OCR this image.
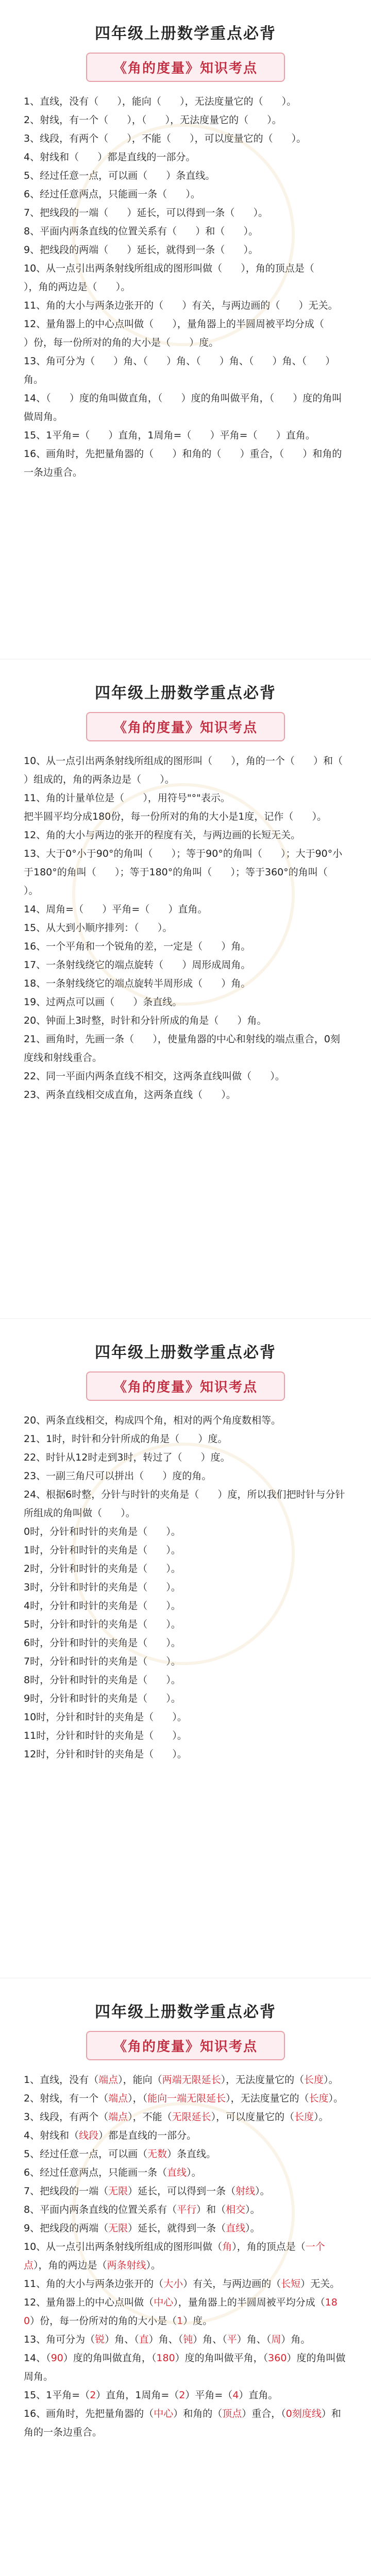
四年级上册数学重点必背
《角的度量》知识考点

1、直线，没有（      ），能向（      ），无法度量它的（      ）。

2、射线，有一个（      ），（      ），无法度量它的（      ）。

3、线段，有两个（      ），不能（      ），可以度量它的（      ）。

4、射线和（      ）都是直线的一部分。

5、经过任意一点，可以画（      ）条直线。

6、经过任意两点，只能画一条（      ）。

7、把线段的一端（      ）延长，可以得到一条（      ）。

8、平面内两条直线的位置关系有（      ）和（      ）。

9、把线段的两端（      ）延长，就得到一条（      ）。

10、从一点引出两条射线所组成的图形叫做（      ），角的顶点是（      ），角的两边是（      ）。

11、角的大小与两条边张开的（      ）有关，与两边画的（      ）无关。

12、量角器上的中心点叫做（      ），量角器上的半圆周被平均分成（      ）份，每一份所对的角的大小是（      ）度。

13、角可分为（      ）角、（      ）角、（      ）角、（      ）角、（      ）角。

14、（      ）度的角叫做直角，（      ）度的角叫做平角，（      ）度的角叫做周角。

15、1平角=（      ）直角，1周角=（      ）平角=（      ）直角。

16、画角时，先把量角器的（      ）和角的（      ）重合，（      ）和角的一条边重合。

四年级上册数学重点必背
《角的度量》知识考点

10、从一点引出两条射线所组成的图形叫（      ），角的一个（      ）和（      ）组成的，角的两条边是（      ）。

11、角的计量单位是（      ），用符号"°"表示。

把半圆平均分成180份，每一份所对的角的大小是1度，记作（      ）。

12、角的大小与两边的张开的程度有关，与两边画的长短无关。

13、大于0°小于90°的角叫（      ）；等于90°的角叫（      ）；大于90°小于180°的角叫（      ）；等于180°的角叫（      ）；等于360°的角叫（      ）。

14、周角=（      ）平角=（      ）直角。

15、从大到小顺序排列：（      ）。

16、一个平角和一个锐角的差，一定是（      ）角。

17、一条射线绕它的端点旋转（      ）周形成周角。

18、一条射线绕它的端点旋转半周形成（      ）角。

19、过两点可以画（      ）条直线。

20、钟面上3时整，时针和分针所成的角是（      ）角。

21、画角时，先画一条（      ），使量角器的中心和射线的端点重合，0刻度线和射线重合。

22、同一平面内两条直线不相交，这两条直线叫做（      ）。

23、两条直线相交成直角，这两条直线（      ）。

四年级上册数学重点必背
《角的度量》知识考点

20、两条直线相交，构成四个角，相对的两个角度数相等。

21、1时，时针和分针所成的角是（      ）度。

22、时针从12时走到3时，转过了（      ）度。

23、一副三角尺可以拼出（      ）度的角。

24、根据6时整，分针与时针的夹角是（      ）度，所以我们把时针与分针所组成的角叫做（      ）。

0时，分针和时针的夹角是（      ）。

1时，分针和时针的夹角是（      ）。

2时，分针和时针的夹角是（      ）。

3时，分针和时针的夹角是（      ）。

4时，分针和时针的夹角是（      ）。

5时，分针和时针的夹角是（      ）。

6时，分针和时针的夹角是（      ）。

7时，分针和时针的夹角是（      ）。

8时，分针和时针的夹角是（      ）。

9时，分针和时针的夹角是（      ）。

10时，分针和时针的夹角是（      ）。

11时，分针和时针的夹角是（      ）。

12时，分针和时针的夹角是（      ）。

四年级上册数学重点必背
《角的度量》知识考点

1、直线，没有（端点），能向（两端无限延长），无法度量它的（长度）。

2、射线，有一个（端点），（能向一端无限延长），无法度量它的（长度）。

3、线段，有两个（端点），不能（无限延长），可以度量它的（长度）。

4、射线和（线段）都是直线的一部分。

5、经过任意一点，可以画（无数）条直线。

6、经过任意两点，只能画一条（直线）。

7、把线段的一端（无限）延长，可以得到一条（射线）。

8、平面内两条直线的位置关系有（平行）和（相交）。

9、把线段的两端（无限）延长，就得到一条（直线）。

10、从一点引出两条射线所组成的图形叫做（角），角的顶点是（一个点），角的两边是（两条射线）。

11、角的大小与两条边张开的（大小）有关，与两边画的（长短）无关。

12、量角器上的中心点叫做（中心），量角器上的半圆周被平均分成（180）份，每一份所对的角的大小是（1）度。

13、角可分为（锐）角、（直）角、（钝）角、（平）角、（周）角。

14、（90）度的角叫做直角，（180）度的角叫做平角，（360）度的角叫做周角。

15、1平角=（2）直角，1周角=（2）平角=（4）直角。

16、画角时，先把量角器的（中心）和角的（顶点）重合，（0刻度线）和角的一条边重合。
